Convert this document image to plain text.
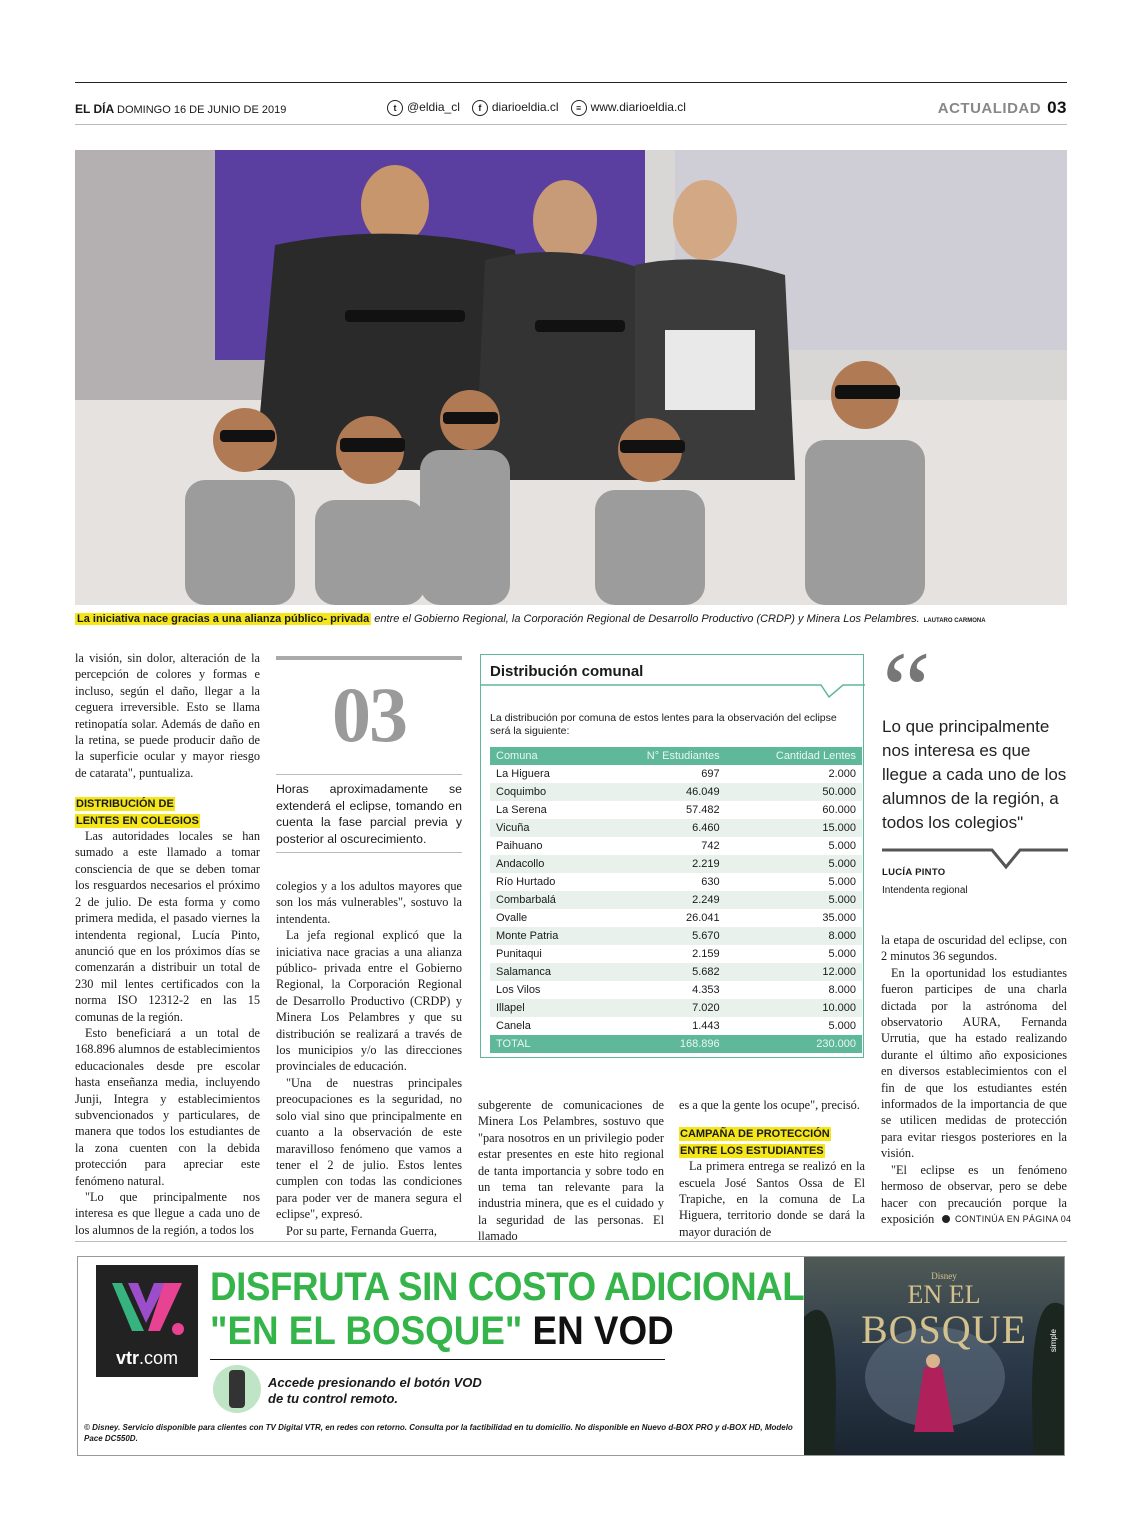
EL DÍA DOMINGO 16 DE JUNIO DE 2019	t @eldia_cl	f diarioeldia.cl	≡ www.diarioeldia.cl	ACTUALIDAD 03
La iniciativa nace gracias a una alianza público- privada entre el Gobierno Regional, la Corporación Regional de Desarrollo Productivo (CRDP) y Minera Los Pelambres. LAUTARO CARMONA

la visión, sin dolor, alteración de la percepción de colores y formas e incluso, según el daño, llegar a la ceguera irreversible. Esto se llama retinopatía solar. Además de daño en la retina, se puede producir daño de la superficie ocular y mayor riesgo de catarata", puntualiza.

DISTRIBUCIÓN DE
LENTES EN COLEGIOS

Las autoridades locales se han sumado a este llamado a tomar consciencia de que se deben tomar los resguardos necesarios el próximo 2 de julio. De esta forma y como primera medida, el pasado viernes la intendenta regional, Lucía Pinto, anunció que en los próximos días se comenzarán a distribuir un total de 230 mil lentes certificados con la norma ISO 12312-2 en las 15 comunas de la región.

Esto beneficiará a un total de 168.896 alumnos de establecimientos educacionales desde pre escolar hasta enseñanza media, incluyendo Junji, Integra y establecimientos subvencionados y particulares, de manera que todos los estudiantes de la zona cuenten con la debida protección para apreciar este fenómeno natural.

"Lo que principalmente nos interesa es que llegue a cada uno de los alumnos de la región, a todos los

03
Horas aproximadamente se extenderá el eclipse, tomando en cuenta la fase parcial previa y posterior al oscurecimiento.

colegios y a los adultos mayores que son los más vulnerables", sostuvo la intendenta.

La jefa regional explicó que la iniciativa nace gracias a una alianza público- privada entre el Gobierno Regional, la Corporación Regional de Desarrollo Productivo (CRDP) y Minera Los Pelambres y que su distribución se realizará a través de los municipios y/o las direcciones provinciales de educación.

"Una de nuestras principales preocupaciones es la seguridad, no solo vial sino que principalmente en cuanto a la observación de este maravilloso fenómeno que vamos a tener el 2 de julio. Estos lentes cumplen con todas las condiciones para poder ver de manera segura el eclipse", expresó.

Por su parte, Fernanda Guerra,

Distribución comunal
La distribución por comuna de estos lentes para la observación del eclipse será la siguiente:
Comuna	N° Estudiantes	Cantidad Lentes
La Higuera	697	2.000
Coquimbo	46.049	50.000
La Serena	57.482	60.000
Vicuña	6.460	15.000
Paihuano	742	5.000
Andacollo	2.219	5.000
Río Hurtado	630	5.000
Combarbalá	2.249	5.000
Ovalle	26.041	35.000
Monte Patria	5.670	8.000
Punitaqui	2.159	5.000
Salamanca	5.682	12.000
Los Vilos	4.353	8.000
Illapel	7.020	10.000
Canela	1.443	5.000
TOTAL	168.896	230.000

subgerente de comunicaciones de Minera Los Pelambres, sostuvo que "para nosotros en un privilegio poder estar presentes en este hito regional de tanta importancia y sobre todo en un tema tan relevante para la industria minera, que es el cuidado y la seguridad de las personas. El llamado

es a que la gente los ocupe", precisó.

CAMPAÑA DE PROTECCIÓN
ENTRE LOS ESTUDIANTES

La primera entrega se realizó en la escuela José Santos Ossa de El Trapiche, en la comuna de La Higuera, territorio donde se dará la mayor duración de

“
Lo que principalmente nos interesa es que llegue a cada uno de los alumnos de la región, a todos los colegios"
LUCÍA PINTO
Intendenta regional

la etapa de oscuridad del eclipse, con 2 minutos 36 segundos.

En la oportunidad los estudiantes fueron participes de una charla dictada por la astrónoma del observatorio AURA, Fernanda Urrutia, que ha estado realizando durante el último año exposiciones en diversos establecimientos con el fin de que los estudiantes estén informados de la importancia de que se utilicen medidas de protección para evitar riesgos posteriores en la visión.

"El eclipse es un fenómeno hermoso de observar, pero se debe hacer con precaución porque la exposición	CONTINÚA EN PÁGINA 04
vtr.com
DISFRUTA SIN COSTO ADICIONAL
"EN EL BOSQUE" EN VOD
Accede presionando el botón VOD
de tu control remoto.
© Disney. Servicio disponible para clientes con TV Digital VTR, en redes con retorno. Consulta por la factibilidad en tu domicilio. No disponible en Nuevo d-BOX PRO y d-BOX HD, Modelo Pace DC550D.
Disney
EN EL
BOSQUE	simple
